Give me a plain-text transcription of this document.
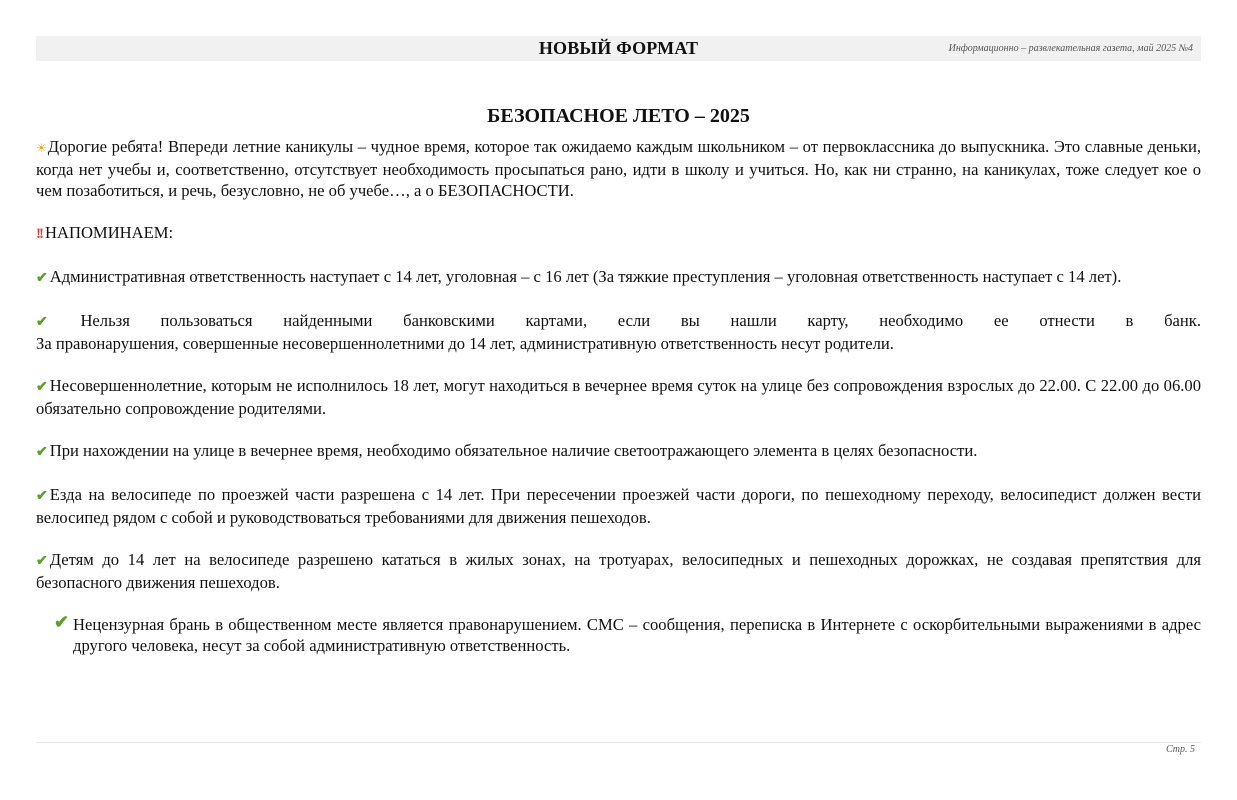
НОВЫЙ ФОРМАТ	Информационно – развлекательная газета, май 2025 №4
БЕЗОПАСНОЕ ЛЕТО – 2025

☀Дорогие ребята! Впереди летние каникулы – чудное время, которое так ожидаемо каждым школьником – от первоклассника до выпускника. Это славные деньки, когда нет учебы и, соответственно, отсутствует необходимость просыпаться рано, идти в школу и учиться. Но, как ни странно, на каникулах, тоже следует кое о чем позаботиться, и речь, безусловно, не об учебе…, а о БЕЗОПАСНОСТИ.

!! НАПОМИНАЕМ:

✔ Административная ответственность наступает с 14 лет, уголовная – с 16 лет (За тяжкие преступления – уголовная ответственность наступает с 14 лет).

✔ Нельзя пользоваться найденными банковскими картами, если вы нашли карту, необходимо ее отнести в банк.

За правонарушения, совершенные несовершеннолетними до 14 лет, административную ответственность несут родители.

✔ Несовершеннолетние, которым не исполнилось 18 лет, могут находиться в вечернее время суток на улице без сопровождения взрослых до 22.00. С 22.00 до 06.00 обязательно сопровождение родителями.

✔ При нахождении на улице в вечернее время, необходимо обязательное наличие светоотражающего элемента в целях безопасности.

✔ Езда на велосипеде по проезжей части разрешена с 14 лет. При пересечении проезжей части дороги, по пешеходному переходу, велосипедист должен вести велосипед рядом с собой и руководствоваться требованиями для движения пешеходов.

✔ Детям до 14 лет на велосипеде разрешено кататься в жилых зонах, на тротуарах, велосипедных и пешеходных дорожках, не создавая препятствия для безопасного движения пешеходов.

✔ Нецензурная брань в общественном месте является правонарушением. СМС – сообщения, переписка в Интернете с оскорбительными выражениями в адрес другого человека, несут за собой административную ответственность.

Стр. 5
